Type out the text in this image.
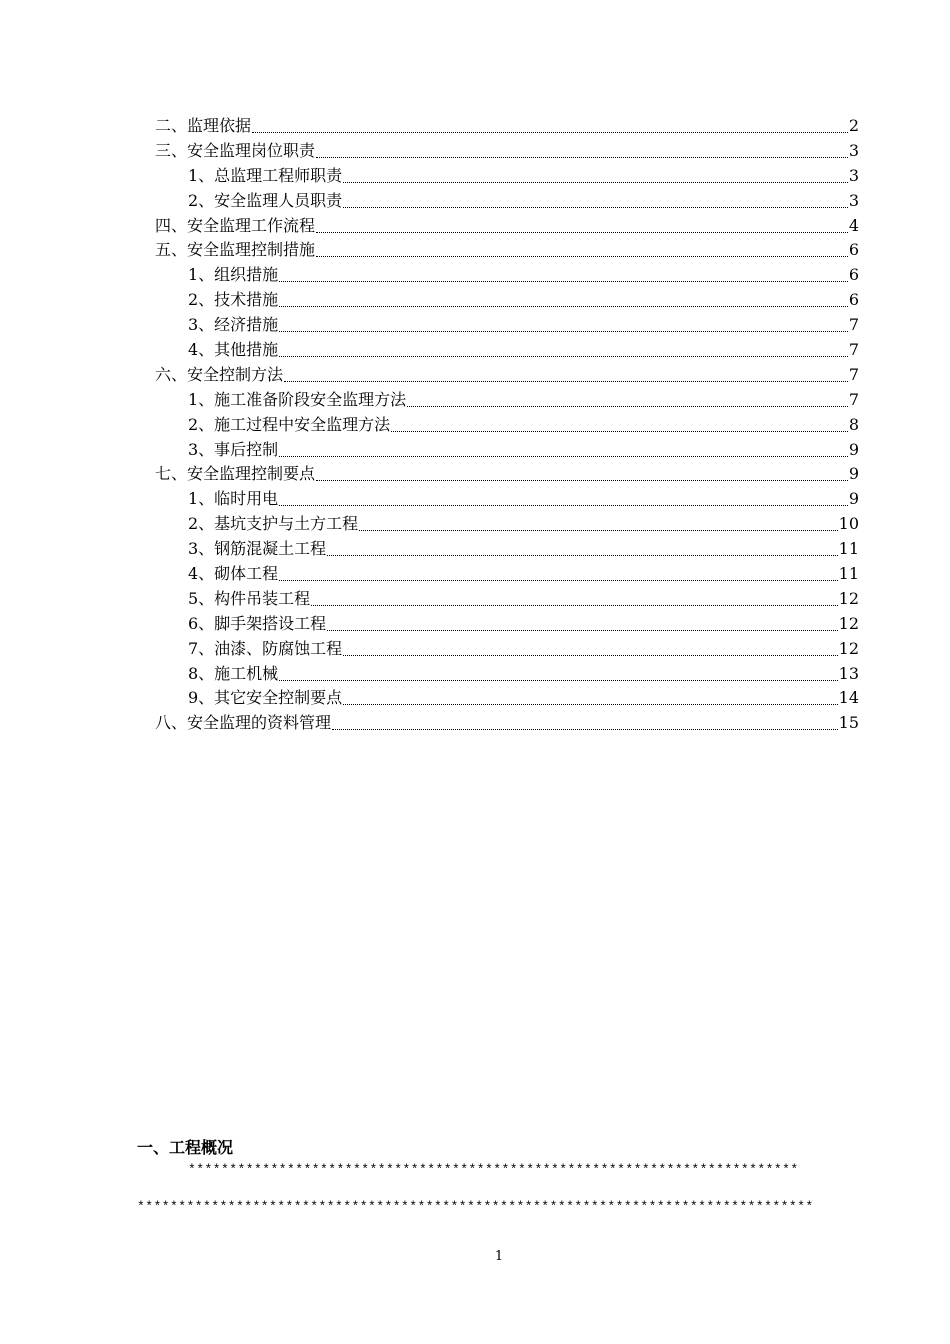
二、监理依据	2
三、安全监理岗位职责	3
1、总监理工程师职责	3
2、安全监理人员职责	3
四、安全监理工作流程	4
五、安全监理控制措施	6
1、组织措施	6
2、技术措施	6
3、经济措施	7
4、其他措施	7
六、安全控制方法	7
1、施工准备阶段安全监理方法	7
2、施工过程中安全监理方法	8
3、事后控制	9
七、安全监理控制要点	9
1、临时用电	9
2、基坑支护与土方工程	10
3、钢筋混凝土工程	11
4、砌体工程	11
5、构件吊装工程	12
6、脚手架搭设工程	12
7、油漆、防腐蚀工程	12
8、施工机械	13
9、其它安全控制要点	14
八、安全监理的资料管理	15
一、工程概况
**************************************************************************
**********************************************************************************
1
